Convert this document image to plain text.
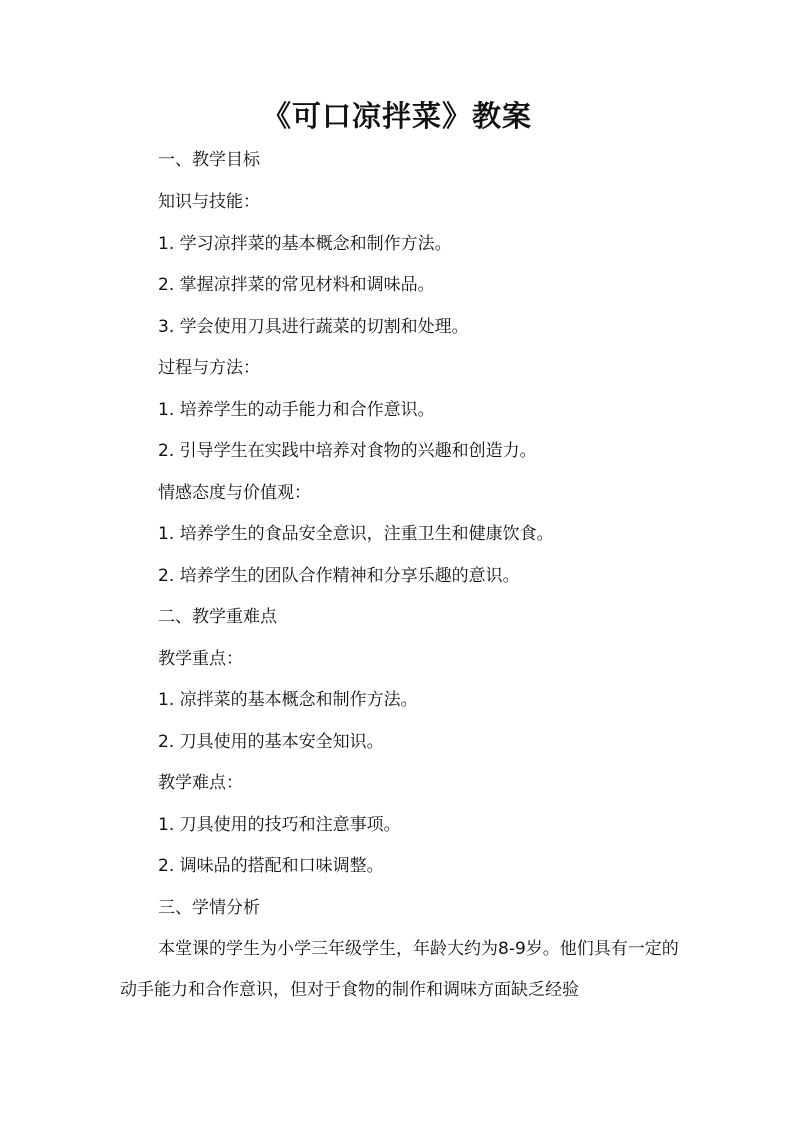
《可口凉拌菜》教案

一、教学目标

知识与技能：

1. 学习凉拌菜的基本概念和制作方法。

2. 掌握凉拌菜的常见材料和调味品。

3. 学会使用刀具进行蔬菜的切割和处理。

过程与方法：

1. 培养学生的动手能力和合作意识。

2. 引导学生在实践中培养对食物的兴趣和创造力。

情感态度与价值观：

1. 培养学生的食品安全意识，注重卫生和健康饮食。

2. 培养学生的团队合作精神和分享乐趣的意识。

二、教学重难点

教学重点：

1. 凉拌菜的基本概念和制作方法。

2. 刀具使用的基本安全知识。

教学难点：

1. 刀具使用的技巧和注意事项。

2. 调味品的搭配和口味调整。

三、学情分析

本堂课的学生为小学三年级学生，年龄大约为8-9岁。他们具有一定的动手能力和合作意识，但对于食物的制作和调味方面缺乏经验
